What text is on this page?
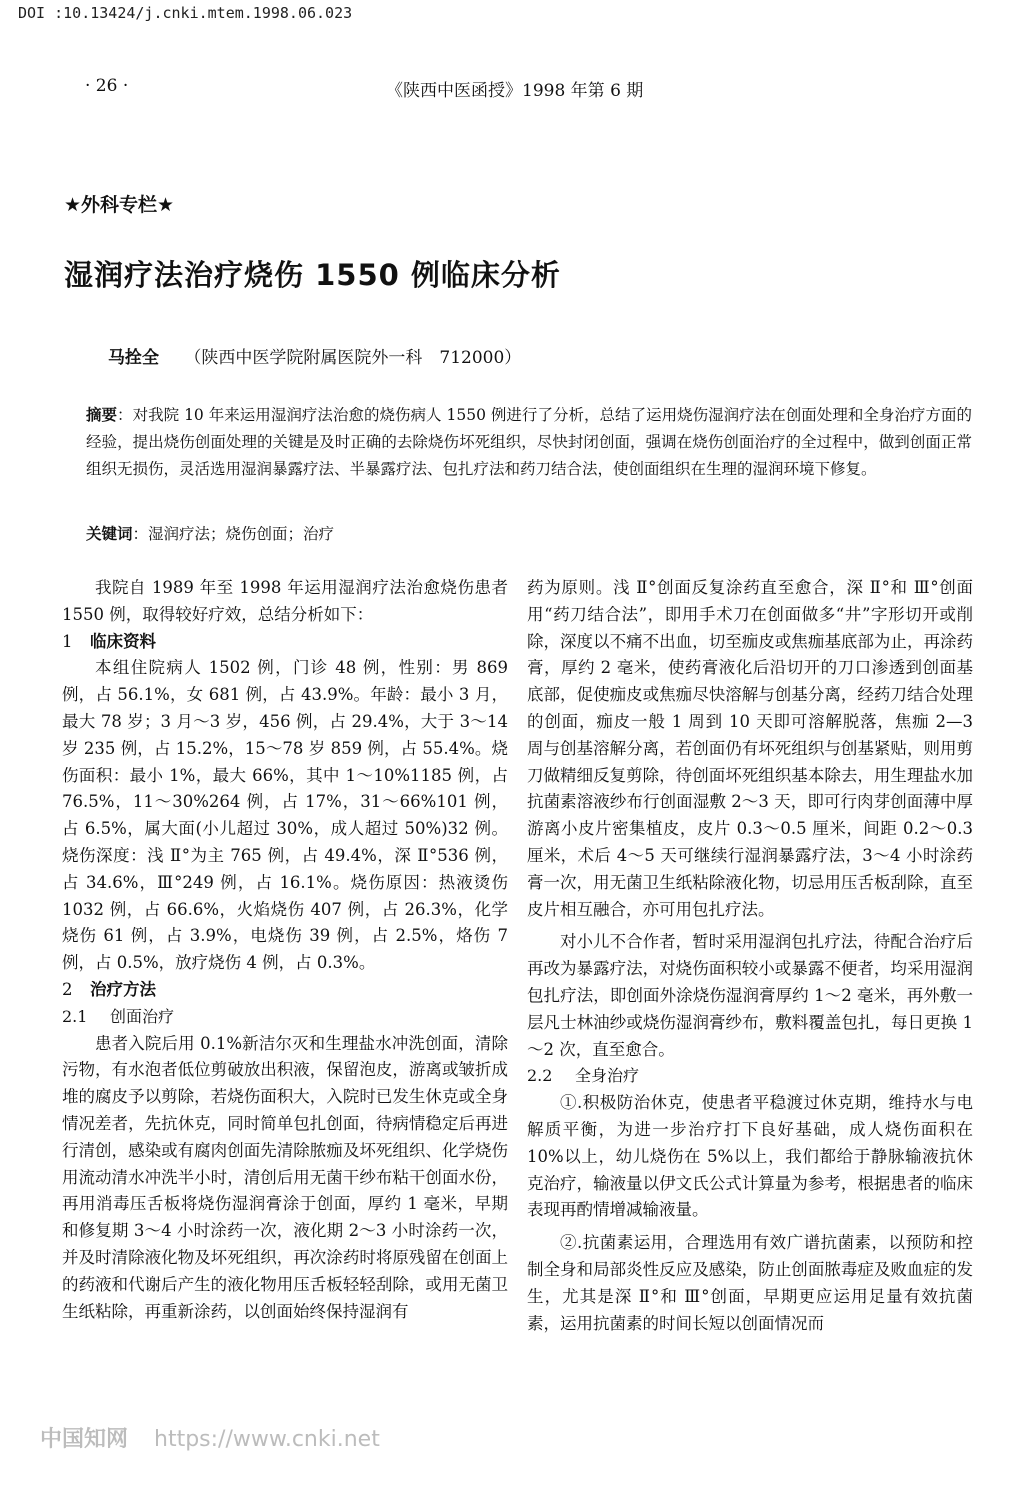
DOI :10.13424/j.cnki.mtem.1998.06.023
· 26 ·	《陕西中医函授》1998 年第 6 期
★外科专栏★
湿润疗法治疗烧伤 1550 例临床分析
马拴全 （陕西中医学院附属医院外一科　712000）
摘要：对我院 10 年来运用湿润疗法治愈的烧伤病人 1550 例进行了分析，总结了运用烧伤湿润疗法在创面处理和全身治疗方面的经验，提出烧伤创面处理的关键是及时正确的去除烧伤坏死组织，尽快封闭创面，强调在烧伤创面治疗的全过程中，做到创面正常组织无损伤，灵活选用湿润暴露疗法、半暴露疗法、包扎疗法和药刀结合法，使创面组织在生理的湿润环境下修复。
关键词：湿润疗法；烧伤创面；治疗

我院自 1989 年至 1998 年运用湿润疗法治愈烧伤患者 1550 例，取得较好疗效，总结分析如下：

1 临床资料

本组住院病人 1502 例，门诊 48 例，性别：男 869 例，占 56.1%，女 681 例，占 43.9%。年龄：最小 3 月，最大 78 岁；3 月～3 岁，456 例，占 29.4%，大于 3～14 岁 235 例，占 15.2%，15～78 岁 859 例，占 55.4%。烧伤面积：最小 1%，最大 66%，其中 1～10%1185 例，占 76.5%，11～30%264 例，占 17%，31～66%101 例，占 6.5%，属大面(小儿超过 30%，成人超过 50%)32 例。烧伤深度：浅 Ⅱ°为主 765 例，占 49.4%，深 Ⅱ°536 例，占 34.6%，Ⅲ°249 例，占 16.1%。烧伤原因：热液烫伤 1032 例，占 66.6%，火焰烧伤 407 例，占 26.3%，化学烧伤 61 例，占 3.9%，电烧伤 39 例，占 2.5%，烙伤 7 例，占 0.5%，放疗烧伤 4 例，占 0.3%。

2 治疗方法
2.1 创面治疗

患者入院后用 0.1%新洁尔灭和生理盐水冲洗创面，清除污物，有水泡者低位剪破放出积液，保留泡皮，游离或皱折成堆的腐皮予以剪除，若烧伤面积大，入院时已发生休克或全身情况差者，先抗休克，同时简单包扎创面，待病情稳定后再进行清创，感染或有腐肉创面先清除脓痂及坏死组织、化学烧伤用流动清水冲洗半小时，清创后用无菌干纱布粘干创面水份，再用消毒压舌板将烧伤湿润膏涂于创面，厚约 1 毫米，早期和修复期 3～4 小时涂药一次，液化期 2～3 小时涂药一次，并及时清除液化物及坏死组织，再次涂药时将原残留在创面上的药液和代谢后产生的液化物用压舌板轻轻刮除，或用无菌卫生纸粘除，再重新涂药，以创面始终保持湿润有

药为原则。浅 Ⅱ°创面反复涂药直至愈合，深 Ⅱ°和 Ⅲ°创面用“药刀结合法”，即用手术刀在创面做多“井”字形切开或削除，深度以不痛不出血，切至痂皮或焦痂基底部为止，再涂药膏，厚约 2 毫米，使药膏液化后沿切开的刀口渗透到创面基底部，促使痂皮或焦痂尽快溶解与创基分离，经药刀结合处理的创面，痂皮一般 1 周到 10 天即可溶解脱落，焦痂 2—3 周与创基溶解分离，若创面仍有坏死组织与创基紧贴，则用剪刀做精细反复剪除，待创面坏死组织基本除去，用生理盐水加抗菌素溶液纱布行创面湿敷 2～3 天，即可行肉芽创面薄中厚游离小皮片密集植皮，皮片 0.3～0.5 厘米，间距 0.2～0.3 厘米，术后 4～5 天可继续行湿润暴露疗法，3～4 小时涂药膏一次，用无菌卫生纸粘除液化物，切忌用压舌板刮除，直至皮片相互融合，亦可用包扎疗法。

对小儿不合作者，暂时采用湿润包扎疗法，待配合治疗后再改为暴露疗法，对烧伤面积较小或暴露不便者，均采用湿润包扎疗法，即创面外涂烧伤湿润膏厚约 1～2 毫米，再外敷一层凡士林油纱或烧伤湿润膏纱布，敷料覆盖包扎，每日更换 1～2 次，直至愈合。

2.2 全身治疗

①.积极防治休克，使患者平稳渡过休克期，维持水与电解质平衡，为进一步治疗打下良好基础，成人烧伤面积在 10%以上，幼儿烧伤在 5%以上，我们都给于静脉输液抗休克治疗，输液量以伊文氏公式计算量为参考，根据患者的临床表现再酌情增减输液量。

②.抗菌素运用，合理选用有效广谱抗菌素，以预防和控制全身和局部炎性反应及感染，防止创面脓毒症及败血症的发生，尤其是深 Ⅱ°和 Ⅲ°创面，早期更应运用足量有效抗菌素，运用抗菌素的时间长短以创面情况而

中国知网 https://www.cnki.net
